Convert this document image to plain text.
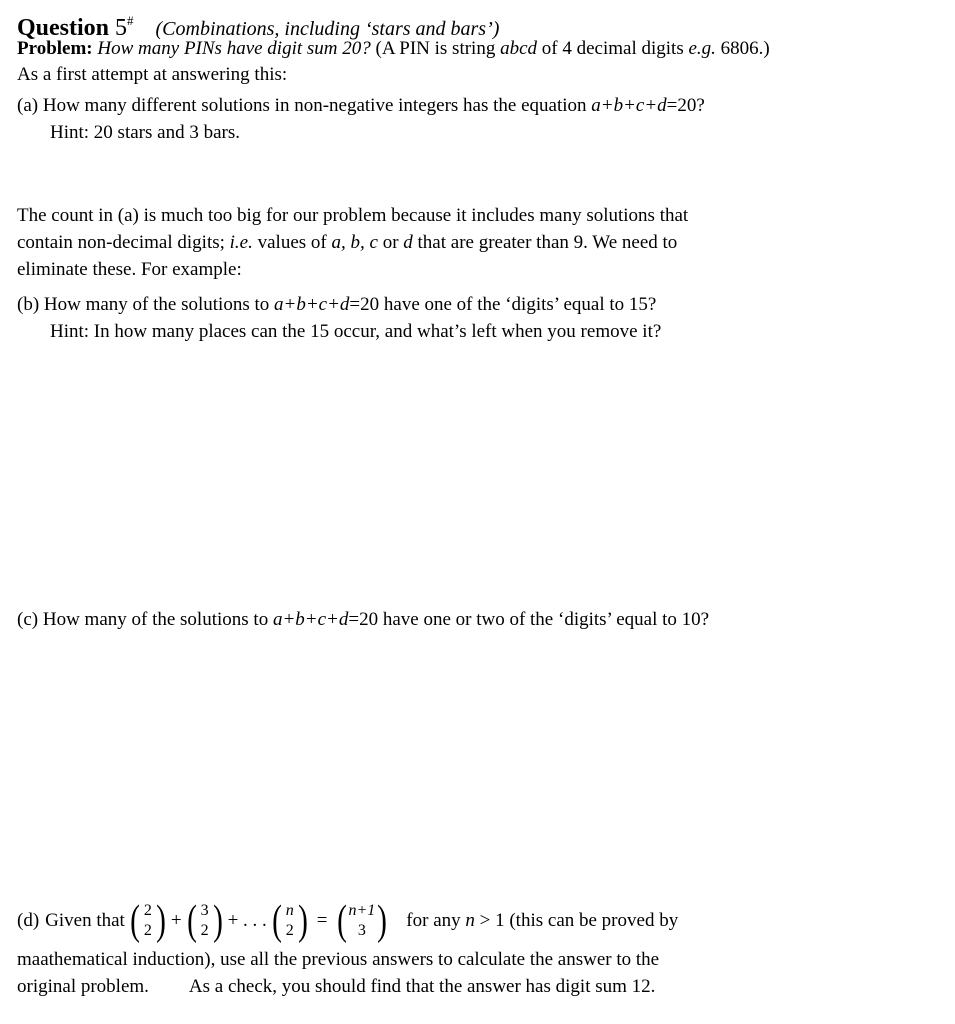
Question 5# (Combinations, including ‘stars and bars’)
Problem: How many PINs have digit sum 20? (A PIN is string abcd of 4 decimal digits e.g. 6806.)
As a first attempt at answering this:
(a) How many different solutions in non-negative integers has the equation a+b+c+d=20?
Hint: 20 stars and 3 bars.
The count in (a) is much too big for our problem because it includes many solutions that
contain non-decimal digits; i.e. values of a, b, c or d that are greater than 9. We need to
eliminate these. For example:
(b) How many of the solutions to a+b+c+d=20 have one of the ‘digits’ equal to 15?
Hint: In how many places can the 15 occur, and what’s left when you remove it?
(c) How many of the solutions to a+b+c+d=20 have one or two of the ‘digits’ equal to 10?
(d) Given that ( 2
2 ) + ( 3
2 ) + . . . ( n
2 ) = ( n+1
3 ) for any n > 1 (this can be proved by
maathematical induction), use all the previous answers to calculate the answer to the
original problem. As a check, you should find that the answer has digit sum 12.
